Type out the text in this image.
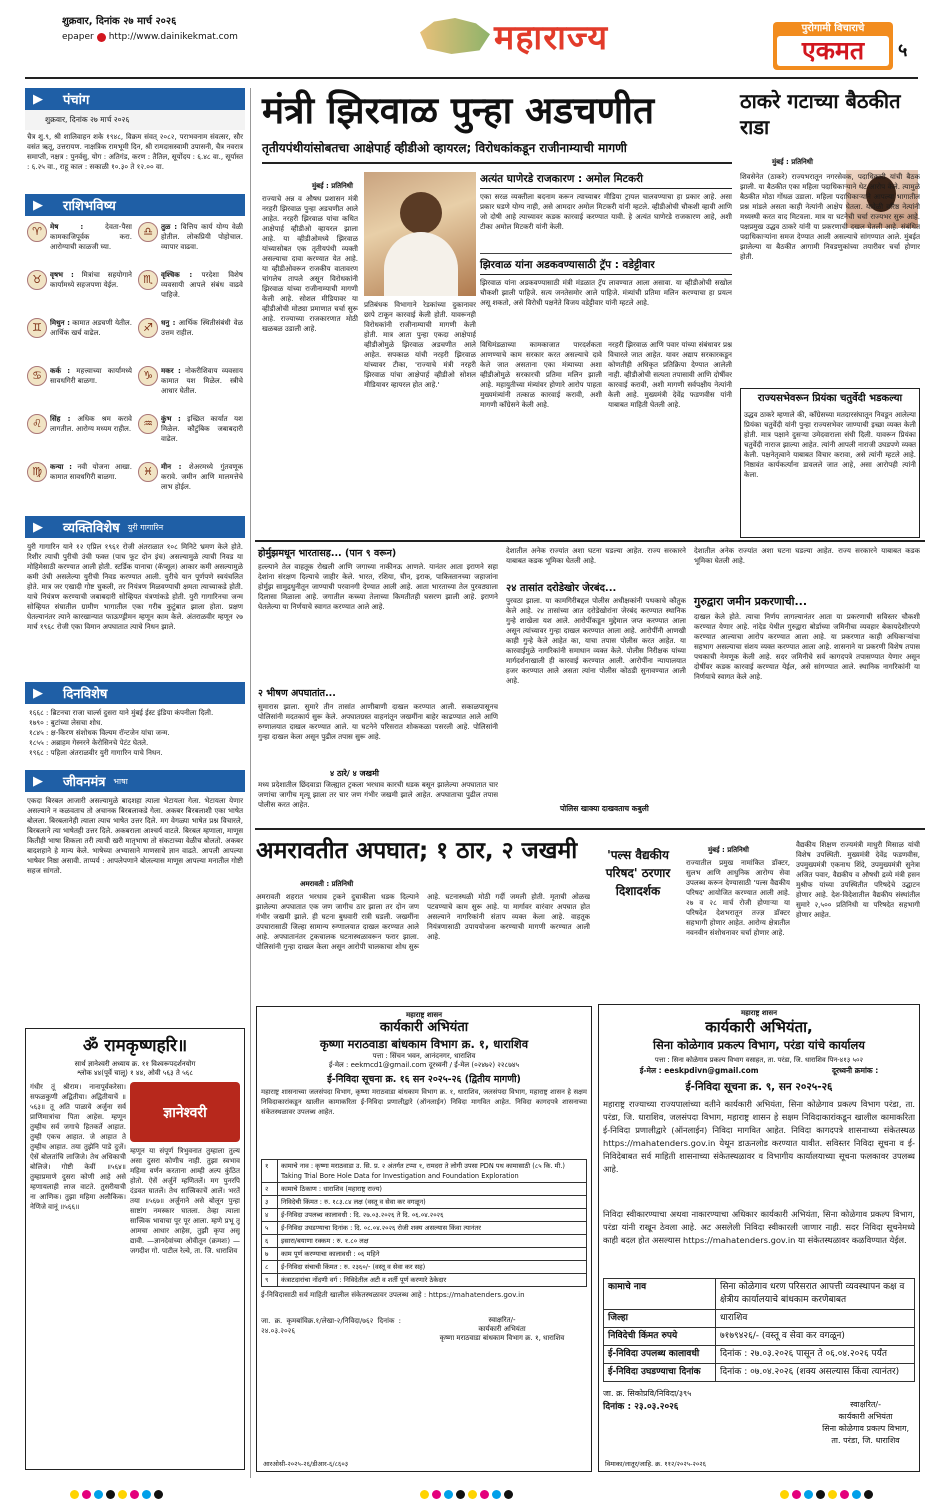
शुक्रवार, दिनांक २७ मार्च २०२६
epaper http://www.dainikekmat.com	महाराज्य	पुरोगामी विचाराचे
एकमत	५
▶ पंचांग
शुक्रवार, दिनांक २७ मार्च २०२६
चैत्र शु.९, श्री शालिवाहन शके १९४८, विक्रम संवत् २०८२, पराभवनाम संवत्सर, सौर वसंत ऋतू, उत्तरायण. नाक्षत्रिक रामभूमी दिन, श्री रामदासस्वामी उपासनी, चैत्र नवरात्र समाप्ती, नक्षत्र : पुनर्वसु, योग : अतिगंड, करण : तैतिल, सूर्योदय : ६.४८ वा., सूर्यास्त : ६.२५ वा., राहू काल : सकाळी १०.३० ते १२.०० वा.
▶ राशिभविष्य
♈	मेष :	देवता-पैसा कामकाजिपूर्वक करा. आरोग्याची काळजी घ्या.
♎	तुळ : वित्तिय कार्य योग्य वेळी होतील. लोकप्रियी पोहोचाल. व्यापार वाढवा.
♉	वृषभ : मित्रांचा सहयोगाने कार्यांमध्ये सहजपणा येईल.	♏	वृश्चिक : परदेशा विशेष व्यवसायी आपले संबंध वाढवे पाहिजे.
♊	मिथुन : कामात अडचणी येतील. आर्थिक खर्च वाढेल.	♐	धनु : आर्थिक स्थितीसंबंधी वेळ उत्तम राहील.
♋	कर्क : महत्त्वाच्या कार्यांमध्ये सावधगिरी बाळगा.	♑	मकर : नोकरीशिवाय व्यवसाय कामात यश मिळेल. स्त्रीचे आधार घेतील.
♌	सिंह : अधिक श्रम करावे लागतील. आरोग्य मध्यम राहील.	♒	कुंभ : इच्छित कार्यात यश मिळेल. कौटुंबिक जबाबदारी वाढेल.
♍	कन्या : नवी योजना आखा. कामात सावधगिरी बाळगा.	♓	मीन : शेअरमध्ये गुंतवणूक करावे. जमीन आणि मालमत्तेचे लाभ होईल.
▶ व्यक्तिविशेष युरी गागारिन
युरी गागारिन याने १२ एप्रिल १९६१ रोजी अंतराळात १०८ मिनिटे भ्रमण केले होते. रिशीर त्याची पुरीची उंची फक्त (पाच फूट दोन इंच) असल्यामुळे त्याची निवड या मोहिमेसाठी करण्यात आली होती. स्टर्डिक यानाचा (कॅप्सूल) आकार कमी असल्यामुळे कमी उंची असलेल्या युरीची निवड करण्यात आली. युरीचे यान पूर्णपणे स्वयंचलित होते. मात्र जर एखादी गोष्ट चुकली, तर नियंत्रण मिळवण्याची क्षमता त्याच्याकडे होती. याचे नियंत्रण करण्याची जबाबदारी सोव्हियत यंत्रणांकडे होती. युरी गागारिनचा जन्म सोव्हियत संघातील ग्रामीण भागातील एका गरीब कुटुंबात झाला होता. प्रक्षण घेतल्यानंतर त्याने कारखान्यात फाऊण्ड्रीमन म्हणून काम केले. अंतराळवीर म्हणून २७ मार्च १९६८ रोजी एका विमान अपघातात त्याचे निधन झाले.
▶ दिनविशेष
१६६८ : ब्रिटनचा राजा चार्ल्स दुसरा याने मुंबई ईस्ट इंडिया कंपनीला दिली.
१७९० : बुटांच्या लेसचा शोध.
१८४५ : क्ष-किरण संशोधक विल्यम रॉन्टजेन यांचा जन्म.
१८५५ : अब्राहम गेस्नरने केरोसिनचे पेटंट घेतले.
१९६८ : पहिला अंतराळवीर युरी गागारिन याचे निधन.
▶ जीवनमंत्र भाषा
एकदा बिरबल आजारी असल्यामुळे बादशहा त्याला भेटायला गेला. भेटायला येणार असल्याने न कळवताच तो अचानक बिरबलाकडे गेला. अकबर बिरबलाशी एका भाषेत बोलला. बिरबलानेही त्याला त्याच भाषेत उत्तर दिले. मग वेगळ्या भाषेत प्रश्न विचारले, बिरबलाने त्या भाषेतही उत्तर दिले. अकबराला आश्चर्य वाटले. बिरबल म्हणाला, माणूस कितीही भाषा शिकला तरी त्याची खरी मातृभाषा तो संकटाच्या वेळीच बोलतो. अकबर बादशहाने हे मान्य केले. भाषेच्या अभ्यासाने माणसाचे ज्ञान वाढते. आपली आपल्या भाषेवर निष्ठा असावी. ताप्पर्य : आपलेपणाने बोलल्यास माणूस आपल्या मनातील गोष्टी सहज सांगतो.
ॐ रामकृष्णहरि॥
सार्थ ज्ञानेश्वरी अध्याय क्र. ११ विश्वरूपदर्शनयोग
श्लोक ४४(पूर्वे चालू) १ ४४, ओवी ५६३ ते ५६८
गंधीर तूं श्रीराम। नानापूर्वकरेसा। सफळकुणी अद्वितीया। अद्वितीयाचें ॥५६३॥ तू अति पाळावे अर्जुना सर्व प्राणिमात्रांचा पिता आहेस. म्हणून तुम्हीच सर्व जगाचे हितकर्ते आहात. तुम्ही एकच आहात. जे आहात ते तुम्हीच आहात. तया तुझेनि पाडे दुजें। ऐसें बोलतांचि लाजिजे। तेथ अधिकाची बोलिजे। गोष्टी केवीं ॥५६४॥ तुम्हाप्रमाणे दुसरा कोणी आहे असे म्हणायलाही लाज वाटते. तुसरीयाची ना आणिक। तुझा महिमा अलौकिक। नेणिजे वानूं ॥५६६॥
ज्ञानेश्वरी
म्हणून या संपूर्ण त्रिभुवनात तुम्हाला तुल्य असा दुसरा कोणीच नाही. तुझा स्वभाव महिमा वर्णन करताना आम्ही अल्प कुंठित होतो. ऐसें अर्जुनें म्हणितलें। मग पुनरपि दंडवत घातलें। तेथ सात्त्विकाचें आलें। भरतें तया ॥५६७॥ अर्जुनाने असे बोलून पुन्हा साष्टांग नमस्कार घातला. तेव्हा त्याला सात्त्विक भावाचा पूर पूर आला. म्हणे प्रभू तू आमचा आधार आहेस, तुझी कृपा असू द्यावी. —ज्ञानदेवांच्या ओवीतून (क्रमशः) —जगदीश गो. पाटील रेल्वे, ता. जि. धाराशिव
मंत्री झिरवाळ पुन्हा अडचणीत
तृतीयपंथीयांसोबतचा आक्षेपार्ह व्हीडीओ व्हायरल; विरोधकांकडून राजीनाम्याची मागणी
मुंबई : प्रतिनिधी
राज्याचे अन्न व औषध प्रशासन मंत्री नरहरी झिरवाळ पुन्हा अडचणीत आले आहेत. नरहरी झिरवाळ यांचा कथित आक्षेपार्ह व्हीडीओ व्हायरल झाला आहे. या व्हीडीओमध्ये झिरवाळ यांच्यासोबत एक तृतीयपंथी व्यक्ती असल्याचा दावा करण्यात येत आहे. या व्हीडीओवरून राजकीय वातावरण चांगलेच तापले असून विरोधकांनी झिरवाळ यांच्या राजीनाम्याची मागणी केली आहे. सोशल मीडियावर या व्हीडीओची मोठ्या प्रमाणात चर्चा सुरू आहे. राज्याच्या राजकारणात मोठी खळबळ उडाली आहे.
प्रतिबंधक विभागाने रेडकांच्या दुकानावर छापे टाकून कारवाई केली होती. यावरूनही विरोधकांनी राजीनाम्याची मागणी केली होती. मात्र आता पुन्हा एकदा आक्षेपार्ह व्हीडीओमुळे झिरवाळ अडचणीत आले आहेत. सपकाळ यांची नरहरी झिरवाळ यांच्यावर टीका, 'राज्याचे मंत्री नरहरी झिरवाळ यांचा आक्षेपार्ह व्हीडीओ सोशल मीडियावर व्हायरल होत आहे.'
अत्यंत घाणेरडे राजकारण : अमोल मिटकरी
एका सरळ व्यक्तीला बदनाम करून त्याच्याबर मीडिया ट्रायल चालवण्याचा हा प्रकार आहे. असा प्रकार घडणे योग्य नाही, असे आमदार अमोल मिटकरी यांनी म्हटले. व्हीडीओची चौकशी व्हावी आणि जो दोषी आहे त्याच्यावर कडक कारवाई करण्यात यावी. हे अत्यंत घाणेरडे राजकारण आहे, अशी टीका अमोल मिटकरी यांनी केली.
झिरवाळ यांना अडकवण्यासाठी ट्रॅप : वडेट्टीवार
झिरवाळ यांना अडकवण्यासाठी मंत्री मंडळात ट्रॅप लावण्यात आला असावा. या व्हीडीओची सखोल चौकशी झाली पाहिजे. सत्य जनतेसमोर आले पाहिजे. मंत्र्यांची प्रतिमा मलिन करण्याचा हा प्रयत्न असू शकतो, असे विरोधी पक्षनेते विजय वडेट्टीवार यांनी म्हटले आहे.
विधिमंडळाच्या कामकाजात पारदर्शकता आणण्याचे काम सरकार करत असल्याचे दावे केले जात असताना एका मंत्र्याच्या अशा व्हीडीओमुळे सरकारची प्रतिमा मलिन झाली आहे. महायुतीच्या मंत्र्यांवर होणारे आरोप पाहता मुख्यमंत्र्यांनी तत्काळ कारवाई करावी, अशी मागणी काँग्रेसने केली आहे.
नरहरी झिरवाळ आणि पवार यांच्या संबंधावर प्रश्न विचारले जात आहेत. यावर अद्याप सरकारकडून कोणतीही अधिकृत प्रतिक्रिया देण्यात आलेली नाही. व्हीडीओची सत्यता तपासावी आणि दोषींवर कारवाई करावी, अशी मागणी सर्वपक्षीय नेत्यांनी केली आहे. मुख्यमंत्री देवेंद्र फडणवीस यांनी याबाबत माहिती घेतली आहे.
ठाकरे गटाच्या बैठकीत राडा
मुंबई : प्रतिनिधी
शिवसेनेत (ठाकरे) राज्यभरातून नगरसेवक, पदाधिकारी यांची बैठक झाली. या बैठकीत एका महिला पदाधिकाऱ्याने थेट आरोप केले. त्यामुळे बैठकीत मोठा गोंधळ उडाला. महिला पदाधिकाऱ्याने आपल्या भागातील प्रश्न मांडले असता काही नेत्यांनी आक्षेप घेतला. यावेळी वरिष्ठ नेत्यांनी मध्यस्थी करत वाद मिटवला. मात्र या घटनेची चर्चा राज्यभर सुरू आहे. पक्षप्रमुख उद्धव ठाकरे यांनी या प्रकरणाची दखल घेतली आहे. संबंधित पदाधिकाऱ्यांना समज देण्यात आली असल्याचे सांगण्यात आले. मुंबईत झालेल्या या बैठकीत आगामी निवडणुकांच्या तयारीवर चर्चा होणार होती.
राज्यसभेवरून प्रियंका चतुर्वेदी भडकल्या
उद्धव ठाकरे म्हणाले की, काँग्रेसच्या मतदारसंघातून निवडून आलेल्या प्रियंका चतुर्वेदी यांनी पुन्हा राज्यसभेवर जाण्याची इच्छा व्यक्त केली होती. मात्र पक्षाने दुसऱ्या उमेदवाराला संधी दिली. यावरून प्रियंका चतुर्वेदी नाराज झाल्या आहेत. त्यांनी आपली नाराजी उघडपणे व्यक्त केली. पक्षनेतृत्वाने याबाबत विचार करावा, असे त्यांनी म्हटले आहे. निष्ठावंत कार्यकर्त्यांना डावलले जात आहे, असा आरोपही त्यांनी केला.
होर्मुझमधून भारतासह... (पान ९ वरून)
हल्ल्याने तेल वाहतूक रोखली आणि जगाच्या नाकीनऊ आणले. यानंतर आता इराणने सहा देशांना संरक्षण दिल्याचे जाहीर केले. भारत, रशिया, चीन, इराक, पाकिस्तानच्या जहाजांना होर्मुझ सामुद्रधुनीतून जाण्याची परवानगी देण्यात आली आहे. आता भारताच्या तेल पुरवठ्याला दिलासा मिळाला आहे. जगातील कच्च्या तेलाच्या किमतीतही घसरण झाली आहे. इराणने घेतलेल्या या निर्णयाचे स्वागत करण्यात आले आहे.
२ भीषण अपघातांत...
सुमारास झाला. सुमारे तीन तासांत आणीबाणी दाखल करण्यात आली. सकाळपासूनच पोलिसांनी मदतकार्य सुरू केले. अपघातग्रस्त वाहनांतून जखमींना बाहेर काढण्यात आले आणि रुग्णालयात दाखल करण्यात आले. या घटनेने परिसरात शोककळा पसरली आहे. पोलिसांनी गुन्हा दाखल केला असून पुढील तपास सुरू आहे.
४ ठारे/ ४ जखमी
मध्य प्रदेशातील छिंदवाडा जिल्ह्यात ट्रकला भरधाव कारची धडक बसून झालेल्या अपघातात चार जणांचा जागीच मृत्यू झाला तर चार जण गंभीर जखमी झाले आहेत. अपघाताचा पुढील तपास पोलीस करत आहेत.
देशातील अनेक राज्यांत अशा घटना घडल्या आहेत. राज्य सरकारने याबाबत कडक भूमिका घेतली आहे.
२४ तासांत दरोडेखोर जेरबंद...
पुरवठा झाला. या कामगिरीबद्दल पोलीस अधीक्षकांनी पथकाचे कौतुक केले आहे. २४ तासांच्या आत दरोडेखोरांना जेरबंद करण्यात स्थानिक गुन्हे शाखेला यश आले. आरोपींकडून मुद्देमाल जप्त करण्यात आला असून त्यांच्यावर गुन्हा दाखल करण्यात आला आहे. आरोपींनी आणखी काही गुन्हे केले आहेत का, याचा तपास पोलीस करत आहेत. या कारवाईमुळे नागरिकांनी समाधान व्यक्त केले. पोलीस निरीक्षक यांच्या मार्गदर्शनाखाली ही कारवाई करण्यात आली. आरोपींना न्यायालयात हजर करण्यात आले असता त्यांना पोलीस कोठडी सुनावण्यात आली आहे.
पोलिस खाक्या दाखवताच कबुली
देशातील अनेक राज्यांत अशा घटना घडल्या आहेत. राज्य सरकारने याबाबत कडक भूमिका घेतली आहे.
गुरुद्वारा जमीन प्रकरणाची...
दाखल केले होते. त्याचा निर्णय लागल्यानंतर आता या प्रकरणाची सविस्तर चौकशी करण्यात येणार आहे. नांदेड येथील गुरुद्वारा बोर्डाच्या जमिनीचा व्यवहार बेकायदेशीरपणे करण्यात आल्याचा आरोप करण्यात आला आहे. या प्रकरणात काही अधिकाऱ्यांचा सहभाग असल्याचा संशय व्यक्त करण्यात आला आहे. शासनाने या प्रकरणी विशेष तपास पथकाची नेमणूक केली आहे. सदर जमिनीचे सर्व कागदपत्रे तपासण्यात येणार असून दोषींवर कडक कारवाई करण्यात येईल, असे सांगण्यात आले. स्थानिक नागरिकांनी या निर्णयाचे स्वागत केले आहे.
अमरावतीत अपघात; १ ठार, २ जखमी
अमरावती : प्रतिनिधी
अमरावती शहरात भरधाव ट्रकने दुचाकीला धडक दिल्याने झालेल्या अपघातात एक जण जागीच ठार झाला तर दोन जण गंभीर जखमी झाले. ही घटना बुधवारी रात्री घडली. जखमींना उपचारासाठी जिल्हा सामान्य रुग्णालयात दाखल करण्यात आले आहे. अपघातानंतर ट्रकचालक घटनास्थळावरून फरार झाला. पोलिसांनी गुन्हा दाखल केला असून आरोपी चालकाचा शोध सुरू आहे. घटनास्थळी मोठी गर्दी जमली होती. मृताची ओळख पटवण्याचे काम सुरू आहे. या मार्गावर वारंवार अपघात होत असल्याने नागरिकांनी संताप व्यक्त केला आहे. वाहतूक नियंत्रणासाठी उपाययोजना करण्याची मागणी करण्यात आली आहे.
'पल्स वैद्यकीय परिषद' ठरणार दिशादर्शक
मुंबई : प्रतिनिधी
राज्यातील प्रमुख नामांकित डॉक्टर, सुलभ आणि आधुनिक आरोग्य सेवा उपलब्ध करून देण्यासाठी 'पल्स वैद्यकीय परिषद' आयोजित करण्यात आली आहे. २७ व २८ मार्च रोजी होणाऱ्या या परिषदेत देशभरातून तज्ज्ञ डॉक्टर सहभागी होणार आहेत. आरोग्य क्षेत्रातील नवनवीन संशोधनावर चर्चा होणार आहे.
वैद्यकीय शिक्षण राज्यमंत्री माधुरी मिसाळ यांची विशेष उपस्थिती. मुख्यमंत्री देवेंद्र फडणवीस, उपमुख्यमंत्री एकनाथ शिंदे, उपमुख्यमंत्री सुनेत्रा अजित पवार, वैद्यकीय व औषधी द्रव्ये मंत्री हसन मुश्रीफ यांच्या उपस्थितीत परिषदेचे उद्घाटन होणार आहे. देश-विदेशातील वैद्यकीय संस्थांतील सुमारे २,५०० प्रतिनिधी या परिषदेत सहभागी होणार आहेत.
महाराष्ट्र शासन
कार्यकारी अभियंता
कृष्णा मराठवाडा बांधकाम विभाग क्र. १, धाराशिव
पत्ता : सिंचन भवन, आनंदनगर, धाराशिव
ई-मेल : eekmcd1@gmail.com दूरध्वनी / ई-मेल (०२४७२) २२८७४५
ई-निविदा सूचना क्र. १६ सन २०२५-२६ (द्वितीय मागणी)
महाराष्ट्र शासनाच्या जलसंपदा विभाग, कृष्णा मराठवाडा बांधकाम विभाग क्र. १, धाराशिव, जलसंपदा विभाग, महाराष्ट्र शासन हे सक्षम निविदाकारांकडून खालील कामाकरिता ई-निविदा प्रणालीद्वारे (ऑनलाईन) निविदा मागवित आहेत. निविदा कागदपत्रे शासनाच्या संकेतस्थळावर उपलब्ध आहेत.
१	कामाचे नाव : कृष्णा मराठवाडा उ. सि. प्र. २ अंतर्गत टप्पा १, रामदरा ते लोगी उपसा PDN पथ कामासाठी (८५ कि. मी.) Taking Trial Bore Hole Data for Investigation and Foundation Exploration
२	कामाचे ठिकाण : धाराशिव (महाराष्ट्र राज्य)
३	निविदेची किंमत : रु. १८३.८४ लक्ष (वस्तू व सेवा कर वगळून)
४	ई-निविदा उपलब्ध कालावधी : दि. २७.०३.२०२६ ते दि. ०६.०४.२०२६
५	ई-निविदा उघडण्याचा दिनांक : दि. ०८.०४.२०२६ रोजी शक्य असल्यास किंवा त्यानंतर
६	इसारा/बयाणा रक्कम : रु. १.८० लक्ष
७	काम पूर्ण करण्याचा कालावधी : ०६ महिने
८	ई-निविदा संचाची किंमत : रु. २३६०/- (वस्तू व सेवा कर सह)
९	कंत्राटदारांचा नोंदणी वर्ग : निविदेतील अटी व शर्ती पूर्ण करणारे ठेकेदार
ई-निविदासाठी सर्व माहिती खालील संकेतस्थळावर उपलब्ध आहे : https://mahatenders.gov.in
जा. क्र. कृमबांविक्र.१/लेखा-२/निविदा/७६२ दिनांक : २४.०३.२०२६
स्वाक्षरित/-
कार्यकारी अभियंता
कृष्णा मराठवाडा बांधकाम विभाग क्र. १, धाराशिव
आरओसी-२०२५-२६/डीआर-६/८६०३
महाराष्ट्र शासन
कार्यकारी अभियंता,
सिना कोळेगाव प्रकल्प विभाग, परंडा यांचे कार्यालय
पत्ता : सिना कोळेगाव प्रकल्प विभाग वसाहत, ता. परंडा, जि. धाराशिव पिन-४१३ ५०२
ई-मेल : eeskpdivn@gmail.com	दूरध्वनी क्रमांक :
ई-निविदा सूचना क्र. ९, सन २०२५-२६
महाराष्ट्र राज्याच्या राज्यपालांच्या वतीने कार्यकारी अभियंता, सिना कोळेगाव प्रकल्प विभाग परंडा, ता. परंडा, जि. धाराशिव, जलसंपदा विभाग, महाराष्ट्र शासन हे सक्षम निविदाकारांकडून खालील कामाकरिता ई-निविदा प्रणालीद्वारे (ऑनलाईन) निविदा मागवित आहेत. निविदा कागदपत्रे शासनाच्या संकेतस्थळ https://mahatenders.gov.in येथून डाऊनलोड करण्यात यावीत. सविस्तर निविदा सूचना व ई-निविदेबाबत सर्व माहिती शासनाच्या संकेतस्थळावर व विभागीय कार्यालयाच्या सूचना फलकावर उपलब्ध आहे.
निविदा स्वीकारण्याचा अथवा नाकारण्याचा अधिकार कार्यकारी अभियंता, सिना कोळेगाव प्रकल्प विभाग, परंडा यांनी राखून ठेवला आहे. अट असलेली निविदा स्वीकारली जाणार नाही. सदर निविदा सूचनेमध्ये काही बदल होत असल्यास https://mahatenders.gov.in या संकेतस्थळावर कळविण्यात येईल.
कामाचे नाव	सिना कोळेगाव धरण परिसरात आपत्ती व्यवस्थापन कक्ष व क्षेत्रीय कार्यालयाचे बांधकाम करणेबाबत
जिल्हा	धाराशिव
निविदेची किंमत रुपये	७१७९४२६/- (वस्तू व सेवा कर वगळून)
ई-निविदा उपलब्ध कालावधी	दिनांक : २७.०३.२०२६ पासून ते ०६.०४.२०२६ पर्यंत
ई-निविदा उघडण्याचा दिनांक	दिनांक : ०७.०४.२०२६ (शक्य असल्यास किंवा त्यानंतर)
जा. क्र. सिकोप्रवि/निविदा/३९५
दिनांक : २३.०३.२०२६	स्वाक्षरित/-
कार्यकारी अभियंता
सिना कोळेगाव प्रकल्प विभाग,
ता. परंडा, जि. धाराशिव
विमाका/लातूर/जाहि. क्र. ११२/२०२५-२०२६
